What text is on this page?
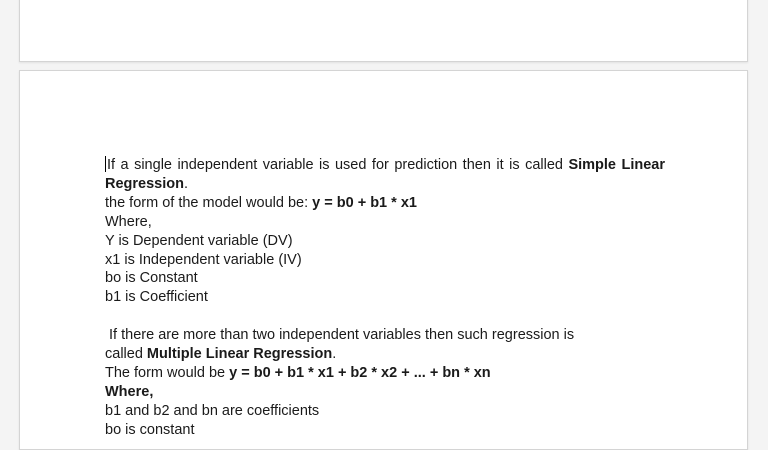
If a single independent variable is used for prediction then it is called Simple Linear
Regression.
the form of the model would be: y = b0 + b1 * x1
Where,
Y is Dependent variable (DV)
x1 is Independent variable (IV)
bo is Constant
b1 is Coefficient
If there are more than two independent variables then such regression is
called Multiple Linear Regression.
The form would be y = b0 + b1 * x1 + b2 * x2 + ... + bn * xn
Where,
b1 and b2 and bn are coefficients
bo is constant
